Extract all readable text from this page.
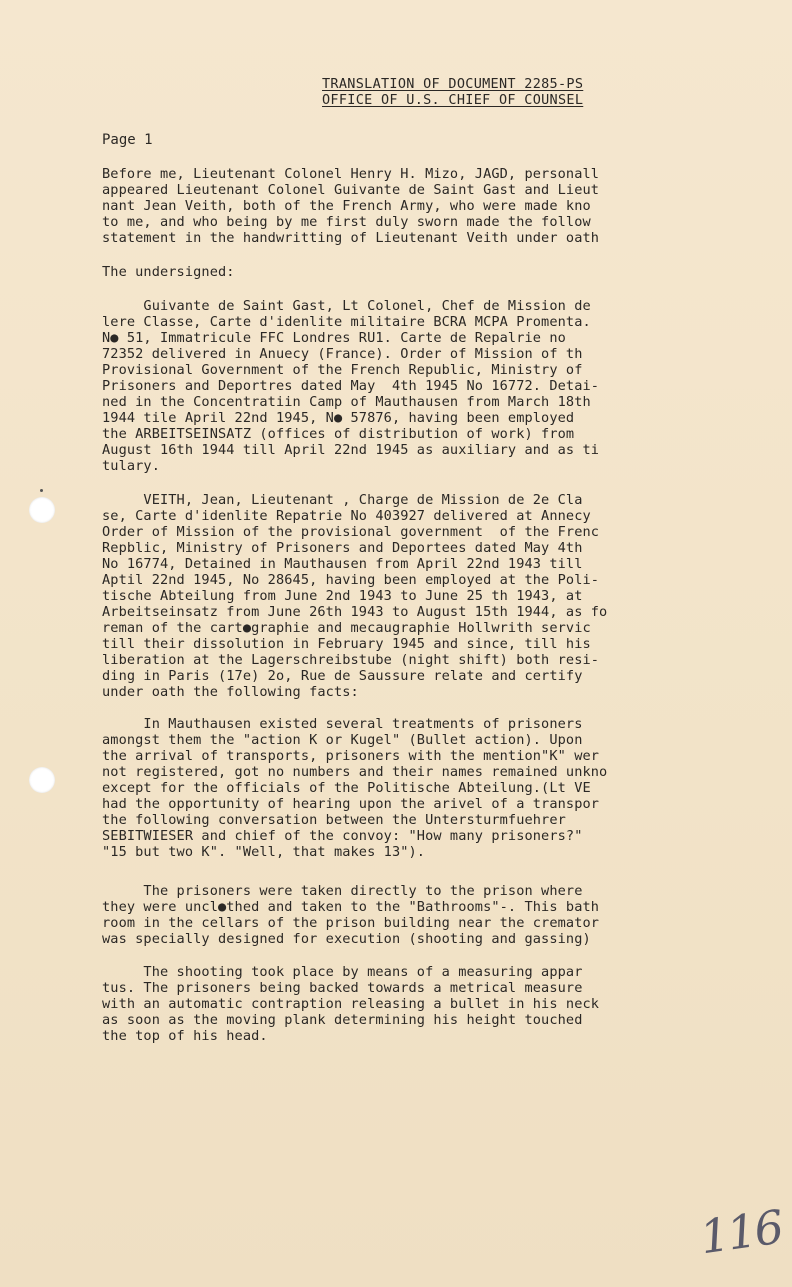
TRANSLATION OF DOCUMENT 2285-PS
OFFICE OF U.S. CHIEF OF COUNSEL
Page 1
Before me, Lieutenant Colonel Henry H. Mizo, JAGD, personall
appeared Lieutenant Colonel Guivante de Saint Gast and Lieut
nant Jean Veith, both of the French Army, who were made kno
to me, and who being by me first duly sworn made the follow
statement in the handwritting of Lieutenant Veith under oath
The undersigned:
Guivante de Saint Gast, Lt Colonel, Chef de Mission de
lere Classe, Carte d'idenlite militaire BCRA MCPA Promenta.
N● 51, Immatricule FFC Londres RU1. Carte de Repalrie no
72352 delivered in Anuecy (France). Order of Mission of th
Provisional Government of the French Republic, Ministry of
Prisoners and Deportres dated May  4th 1945 No 16772. Detai-
ned in the Concentratiin Camp of Mauthausen from March 18th
1944 tile April 22nd 1945, N● 57876, having been employed
the ARBEITSEINSATZ (offices of distribution of work) from
August 16th 1944 till April 22nd 1945 as auxiliary and as ti
tulary.
VEITH, Jean, Lieutenant , Charge de Mission de 2e Cla
se, Carte d'idenlite Repatrie No 403927 delivered at Annecy
Order of Mission of the provisional government  of the Frenc
Repblic, Ministry of Prisoners and Deportees dated May 4th
No 16774, Detained in Mauthausen from April 22nd 1943 till
Aptil 22nd 1945, No 28645, having been employed at the Poli-
tische Abteilung from June 2nd 1943 to June 25 th 1943, at
Arbeitseinsatz from June 26th 1943 to August 15th 1944, as fo
reman of the cart●graphie and mecaugraphie Hollwrith servic
till their dissolution in February 1945 and since, till his
liberation at the Lagerschreibstube (night shift) both resi-
ding in Paris (17e) 2o, Rue de Saussure relate and certify
under oath the following facts:
In Mauthausen existed several treatments of prisoners
amongst them the "action K or Kugel" (Bullet action). Upon
the arrival of transports, prisoners with the mention"K" wer
not registered, got no numbers and their names remained unkno
except for the officials of the Politische Abteilung.(Lt VE
had the opportunity of hearing upon the arivel of a transpor
the following conversation between the Untersturmfuehrer
SEBITWIESER and chief of the convoy: "How many prisoners?"
"15 but two K". "Well, that makes 13").
The prisoners were taken directly to the prison where
they were uncl●thed and taken to the "Bathrooms"-. This bath
room in the cellars of the prison building near the cremator
was specially designed for execution (shooting and gassing)
The shooting took place by means of a measuring appar
tus. The prisoners being backed towards a metrical measure
with an automatic contraption releasing a bullet in his neck
as soon as the moving plank determining his height touched
the top of his head.
116
